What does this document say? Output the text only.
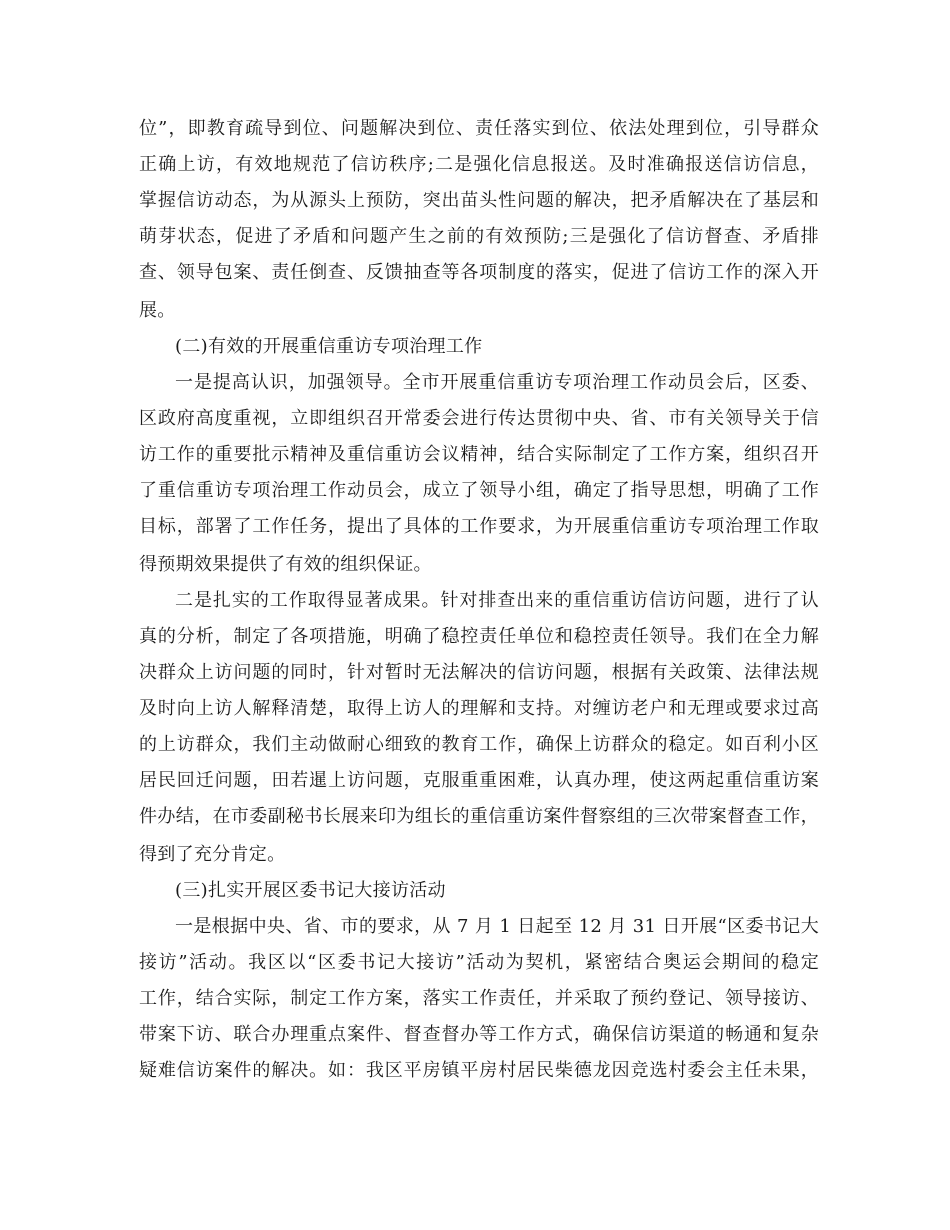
位”，即教育疏导到位、问题解决到位、责任落实到位、依法处理到位，引导群众
正确上访，有效地规范了信访秩序;二是强化信息报送。及时准确报送信访信息，
掌握信访动态，为从源头上预防，突出苗头性问题的解决，把矛盾解决在了基层和
萌芽状态，促进了矛盾和问题产生之前的有效预防;三是强化了信访督查、矛盾排
查、领导包案、责任倒查、反馈抽查等各项制度的落实，促进了信访工作的深入开
展。
(二)有效的开展重信重访专项治理工作
一是提高认识，加强领导。全市开展重信重访专项治理工作动员会后，区委、
区政府高度重视，立即组织召开常委会进行传达贯彻中央、省、市有关领导关于信
访工作的重要批示精神及重信重访会议精神，结合实际制定了工作方案，组织召开
了重信重访专项治理工作动员会，成立了领导小组，确定了指导思想，明确了工作
目标，部署了工作任务，提出了具体的工作要求，为开展重信重访专项治理工作取
得预期效果提供了有效的组织保证。
二是扎实的工作取得显著成果。针对排查出来的重信重访信访问题，进行了认
真的分析，制定了各项措施，明确了稳控责任单位和稳控责任领导。我们在全力解
决群众上访问题的同时，针对暂时无法解决的信访问题，根据有关政策、法律法规
及时向上访人解释清楚，取得上访人的理解和支持。对缠访老户和无理或要求过高
的上访群众，我们主动做耐心细致的教育工作，确保上访群众的稳定。如百利小区
居民回迁问题，田若暹上访问题，克服重重困难，认真办理，使这两起重信重访案
件办结，在市委副秘书长展来印为组长的重信重访案件督察组的三次带案督查工作，
得到了充分肯定。
(三)扎实开展区委书记大接访活动
一是根据中央、省、市的要求，从 7 月 1 日起至 12 月 31 日开展“区委书记大
接访”活动。我区以“区委书记大接访”活动为契机，紧密结合奥运会期间的稳定
工作，结合实际，制定工作方案，落实工作责任，并采取了预约登记、领导接访、
带案下访、联合办理重点案件、督查督办等工作方式，确保信访渠道的畅通和复杂
疑难信访案件的解决。如：我区平房镇平房村居民柴德龙因竞选村委会主任未果，
